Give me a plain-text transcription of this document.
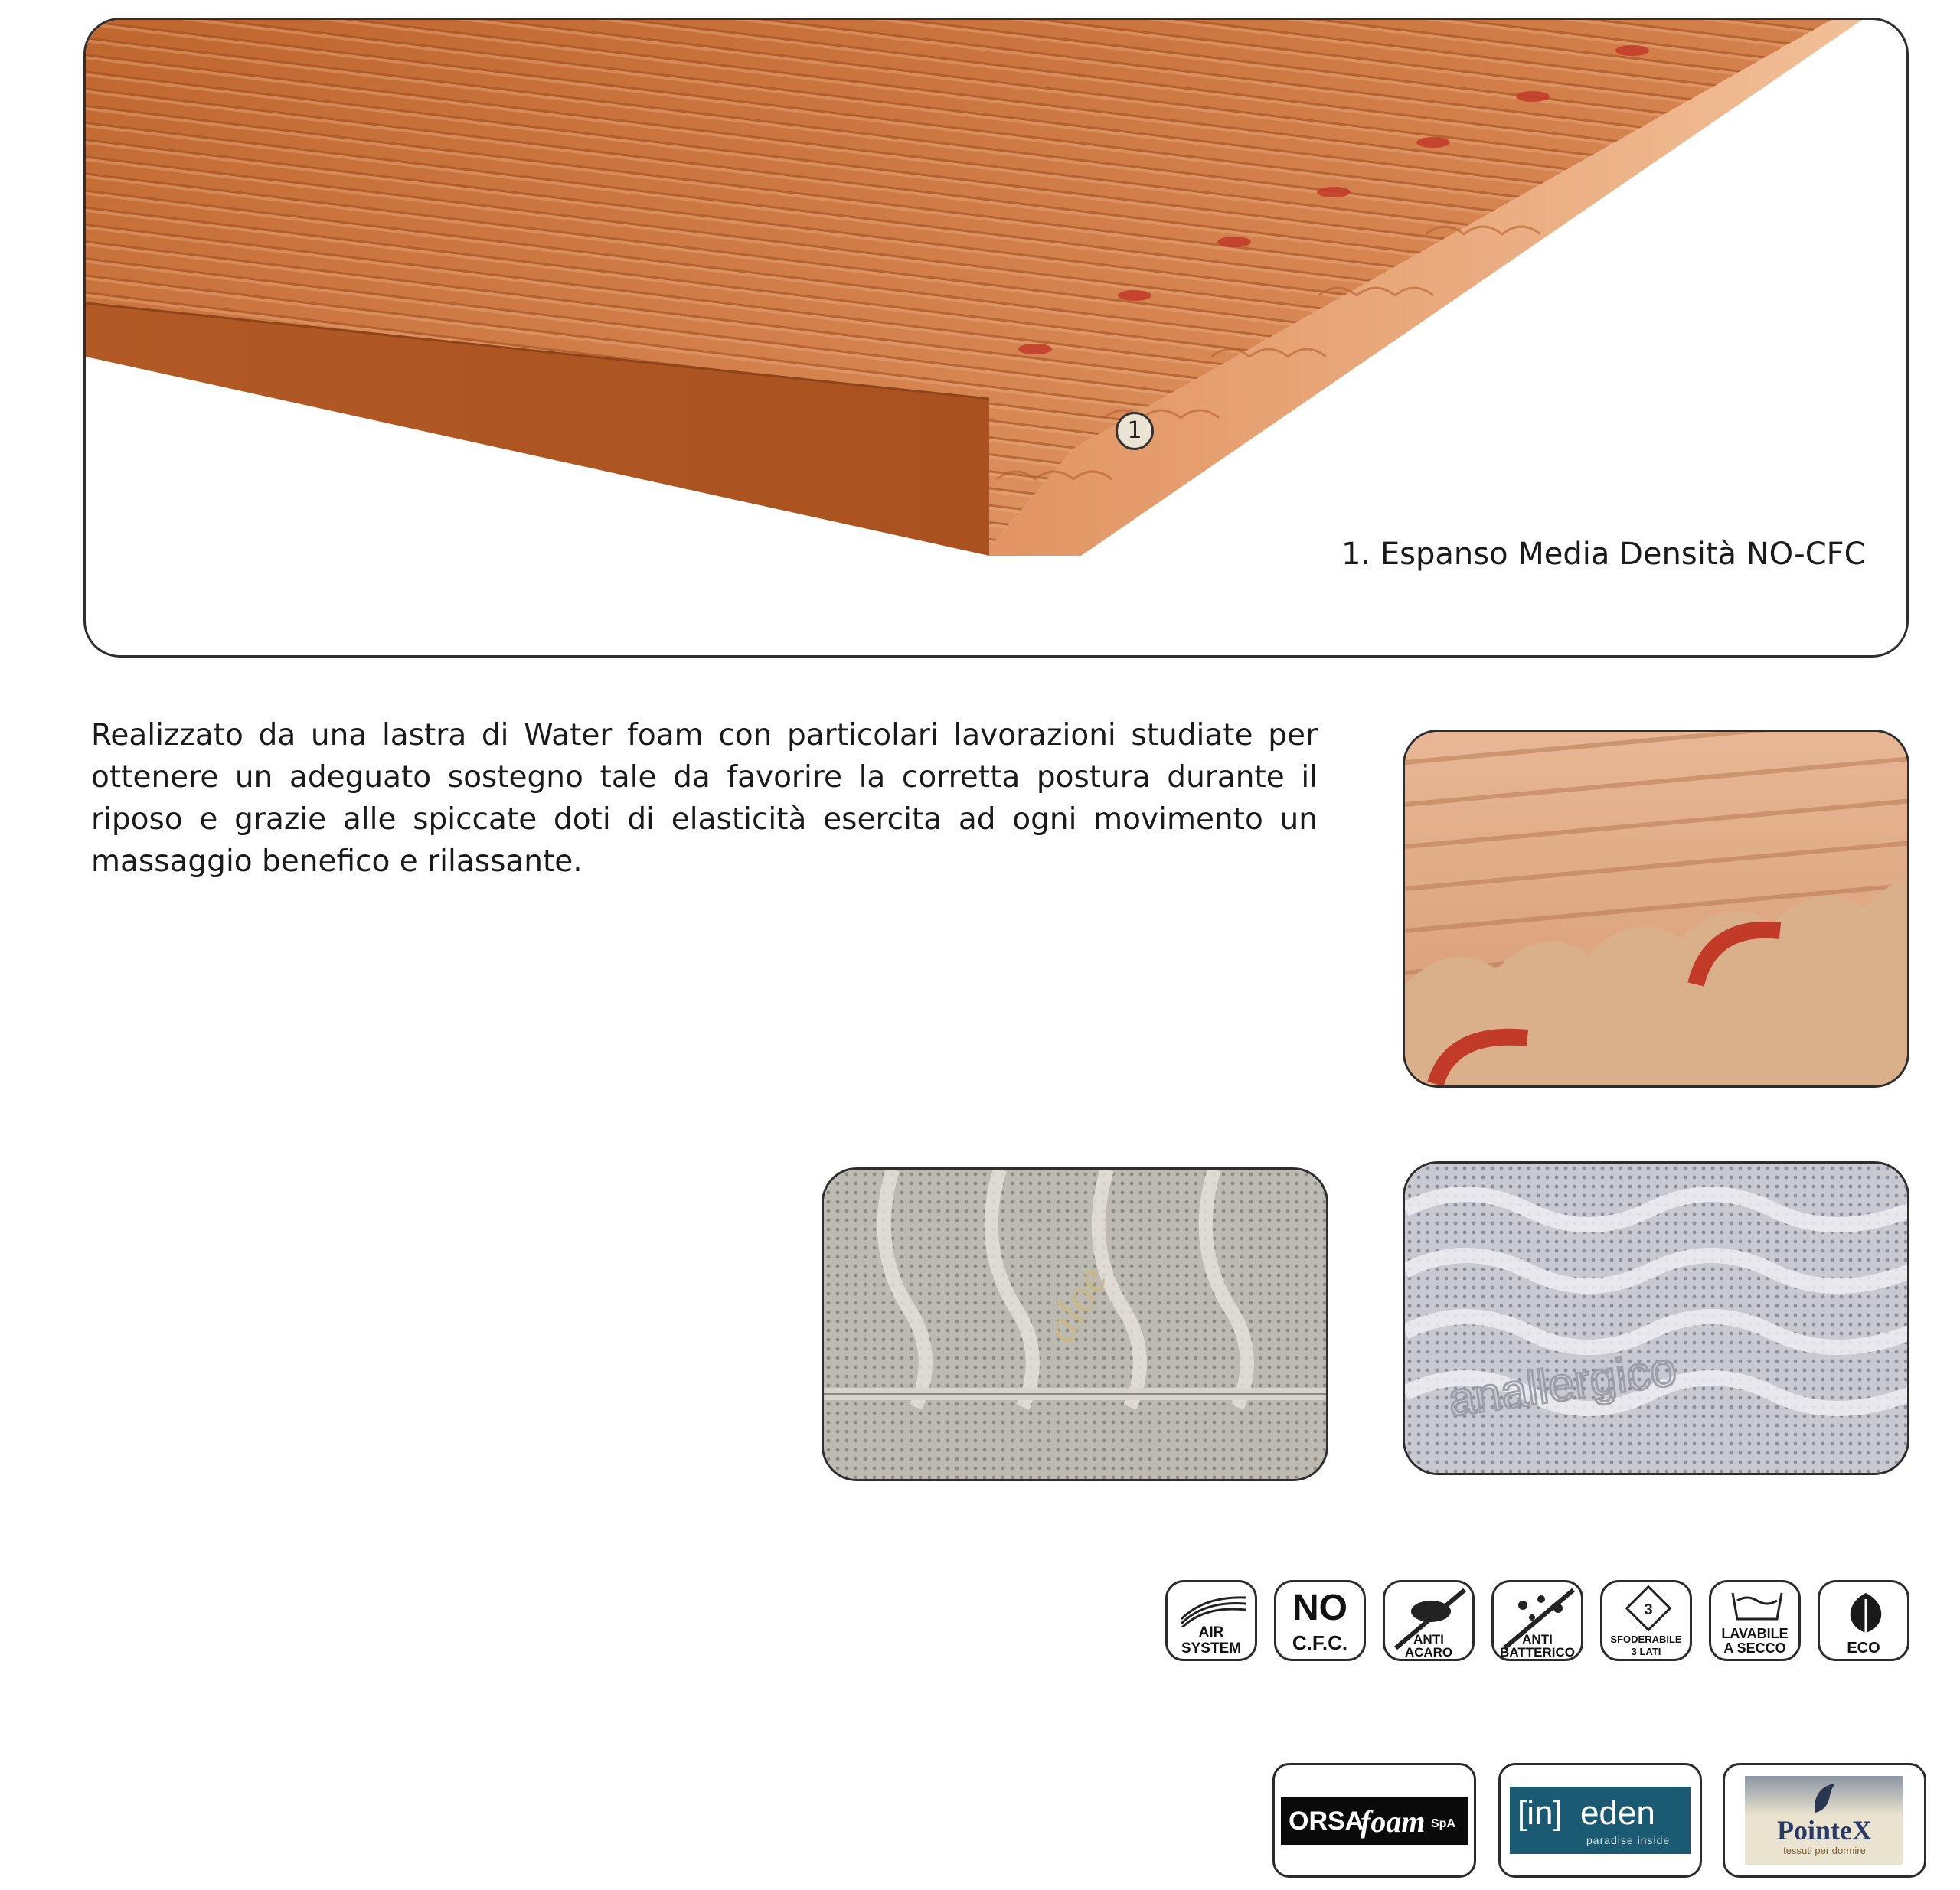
1
1. Espanso Media Densità NO-CFC
Realizzato da una lastra di Water foam con particolari lavorazioni studiate per ottenere un adeguato sostegno tale da favorire la corretta postura durante il riposo e grazie alle spiccate doti di elasticità esercita ad ogni movimento un massaggio benefico e rilassante.
aloe
anallergico
AIR
SYSTEM
NO
C.F.C.	ANTI
ACARO
ANTI
BATTERICO
3
SFODERABILE
3 LATI
LAVABILE
A SECCO	ECO
ORSA
foam SpA [in] eden
paradise inside	PointeX
tessuti per dormire
